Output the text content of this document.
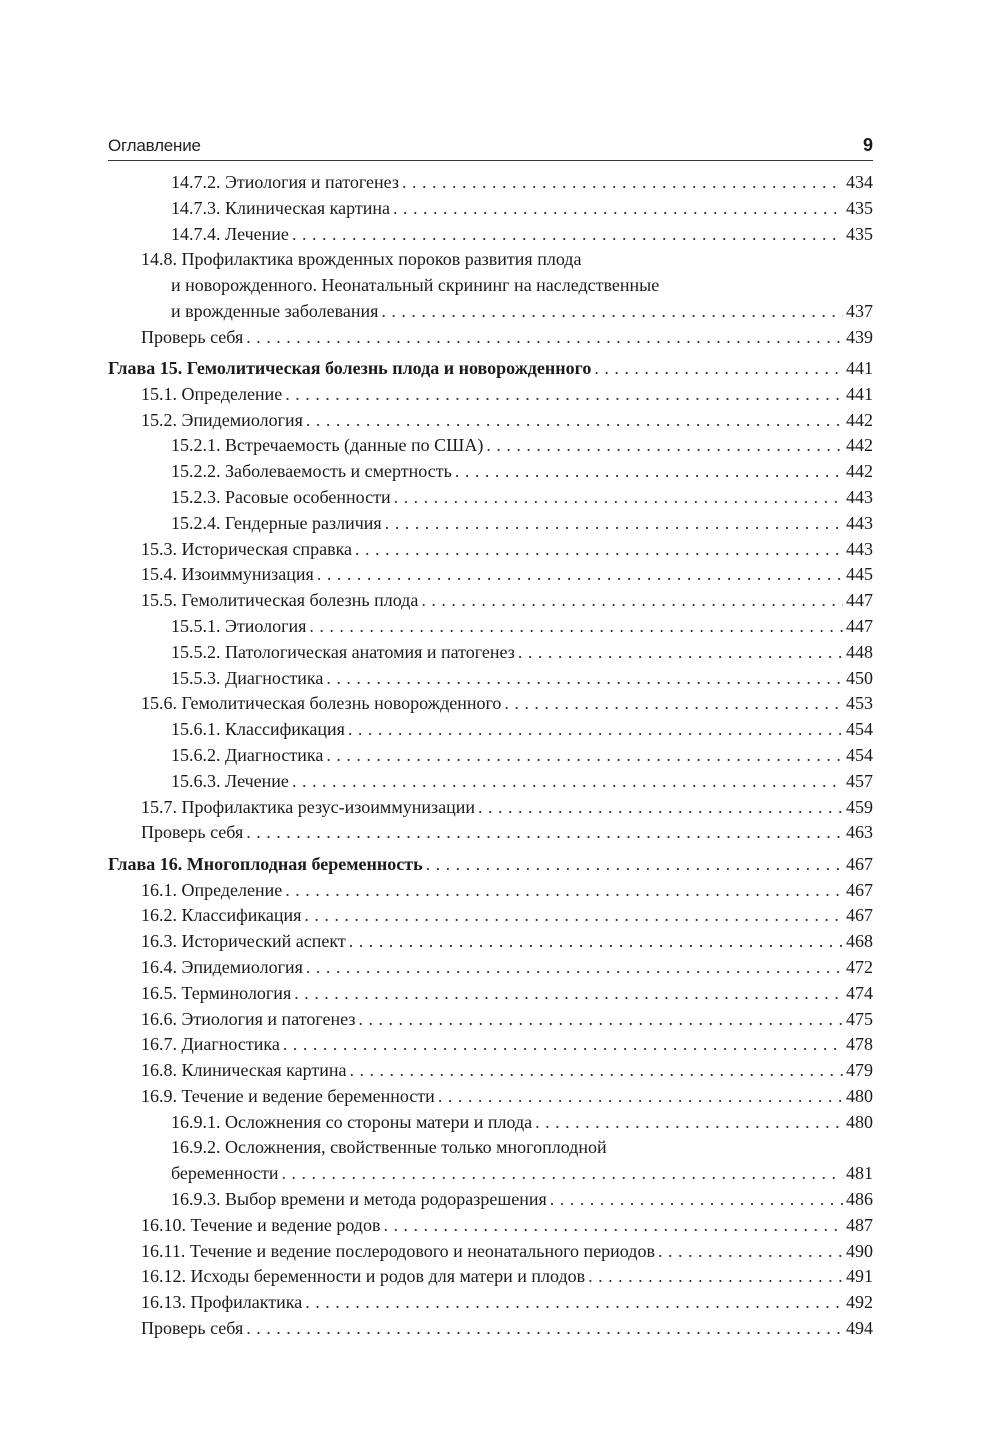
Оглавление	9
14.7.2. Этиология и патогенез . . .	434
14.7.3. Клиническая картина . . .	435
14.7.4. Лечение . . .	435
14.8. Профилактика врожденных пороков развития плода
и новорожденного. Неонатальный скрининг на наследственные
и врожденные заболевания . . .	437
Проверь себя . . .	439
Глава 15. Гемолитическая болезнь плода и новорожденного . . .	441
15.1. Определение . . .	441
15.2. Эпидемиология . . .	442
15.2.1. Встречаемость (данные по США) . . .	442
15.2.2. Заболеваемость и смертность . . .	442
15.2.3. Расовые особенности . . .	443
15.2.4. Гендерные различия . . .	443
15.3. Историческая справка . . .	443
15.4. Изоиммунизация . . .	445
15.5. Гемолитическая болезнь плода . . .	447
15.5.1. Этиология . . .	447
15.5.2. Патологическая анатомия и патогенез . . .	448
15.5.3. Диагностика . . .	450
15.6. Гемолитическая болезнь новорожденного . . .	453
15.6.1. Классификация . . .	454
15.6.2. Диагностика . . .	454
15.6.3. Лечение . . .	457
15.7. Профилактика резус-изоиммунизации . . .	459
Проверь себя . . .	463
Глава 16. Многоплодная беременность . . .	467
16.1. Определение . . .	467
16.2. Классификация . . .	467
16.3. Исторический аспект . . .	468
16.4. Эпидемиология . . .	472
16.5. Терминология . . .	474
16.6. Этиология и патогенез . . .	475
16.7. Диагностика . . .	478
16.8. Клиническая картина . . .	479
16.9. Течение и ведение беременности . . .	480
16.9.1. Осложнения со стороны матери и плода . . .	480
16.9.2. Осложнения, свойственные только многоплодной
беременности . . .	481
16.9.3. Выбор времени и метода родоразрешения . . .	486
16.10. Течение и ведение родов . . .	487
16.11. Течение и ведение послеродового и неонатального периодов . . .	490
16.12. Исходы беременности и родов для матери и плодов . . .	491
16.13. Профилактика . . .	492
Проверь себя . . .	494
